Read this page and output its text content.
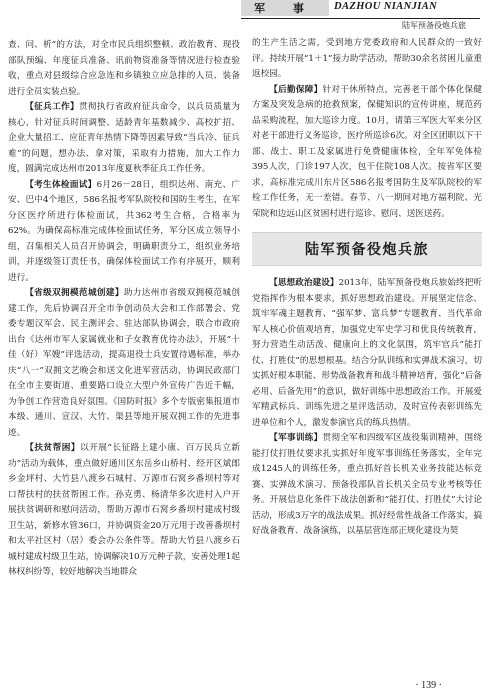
军 事	DAZHOU NIANJIAN
陆军预备役炮兵旅

查、问、析”的方法，对全市民兵组织整顿、政治教育、现役部队预编、年度征兵准备、讯前物资准备等情况进行检查验收，重点对县级综合应急连和乡镇独立应急排的人员、装备进行全员实装点验。

【征兵工作】贯彻执行省政府征兵命令，以兵员质量为核心，针对征兵时间调整、适龄青年基数减少、高校扩招、企业大量招工、应征青年热情下降等因素导致“当兵冷、征兵难”的问题，想办法、拿对策，采取有力措施，加大工作力度，圆满完成达州市2013年度夏秋季征兵工作任务。

【考生体检面试】6月26－28日，组织达州、南充、广安、巴中4个地区，586名报考军队院校和国防生考生，在军分区医疗所进行体检面试，共362考生合格，合格率为62%。为确保高标准完成体检面试任务，军分区成立领导小组，召集相关人员召开协调会，明确职责分工，组织业务培训，并逐级签订责任书，确保体检面试工作有序展开，顺利进行。

【省级双拥模范城创建】助力达州市省级双拥模范城创建工作，先后协调召开全市争创动员大会和工作部署会、党委专题汉军会、民主测评会、驻达部队协调会，联合市政府出台《达州市军人家属就业和子女教育优待办法》，开展“十佳（好）军嫂”评选活动，提高退役士兵安置待遇标准，举办庆“八一”双拥文艺晚会和送文化进军营活动，协调民政部门在全市主要街道、重要路口设立大型户外宣传广告近千幅，为争创工作营造良好氛围。《国防时报》多个专版密集报道市本级、通川、宣汉、大竹、渠县等地开展双拥工作的先进事迹。

【扶贫帮困】以开展“长征路上建小康、百万民兵立新功”活动为载体，重点做好通川区东岳乡山桥村、经开区斌郎乡金坪村、大竹县八渡乡石城村、万源市石窝乡番坝村等对口帮扶村的扶贫帮困工作。孙克勇、杨清华多次进村入户开展扶贫调研和慰问活动，帮助万源市石窝乡番坝村建成村级卫生站，新修水管36口，并协调资金20万元用于改善番坝村和太平社区村（居）委会办公条件等。帮助大竹县八渡乡石城村建成村级卫生站，协调解决10万元种子款，安善处理1起林权纠纷等，较好地解决当地群众

的生产生活之需，受到地方党委政府和人民群众的一致好评。持续开展“1＋1”接力助学活动，帮助30余名贫困儿童重返校园。

【后勤保障】针对干休所特点，完善老干部个体化保健方案及突发急病的抢救预案，保健知识的宣传讲座，规范药品采购流程，加大巡诊力度。10月，请第三军医大军来分区对老干部进行义务巡诊，医疗所巡诊6次。对全区团职以下干部、战士、职工及家属进行免费健康体检，全年军免体检395人次，门诊197人次，包干住院108人次。按省军区要求，高标准完成川东片区586名报考国防生及军队院校的军检工作任务，无一差错。春节、八一期间对地方福利院、光荣院和边远山区贫困村进行巡诊、慰问、送医送药。

陆军预备役炮兵旅

【思想政治建设】2013年，陆军预备役炮兵旅始终把听党指挥作为根本要求，抓好思想政治建设。开展坚定信念、筑牢军魂主题教育、“强军梦、富兵梦”专题教育、当代革命军人核心价值观培育，加强党史军史学习和优良传统教育，努力营造生动活泼、健康向上的文化氛围，筑牢官兵“能打仗、打胜仗”的思想根基。结合分队训练和实弹战术演习，切实抓好根本职能、形势战备教育和战斗精神培育，强化“后备必用、后备先用”的意识，做好训练中思想政治工作。开展爱军精武标兵、训练先进之星评选活动，及时宣传表彰训练先进单位和个人，激发参演官兵的练兵热情。

【军事训练】贯彻全军和四级军区战役集训精神，围绕能打仗打胜仗要求扎实抓好年度军事训练任务落实，全年完成1245人的训练任务，重点抓好首长机关业务技能达标竞赛、实弹战术演习、预备役部队首长机关全员专业考核等任务。开展信息化条件下战法创新和“能打仗、打胜仗”大讨论活动，形成3万字的战法成果。抓好经常性战备工作落实，搞好战备教育、战备演练，以基层营连部正规化建设为契

· 139 ·
